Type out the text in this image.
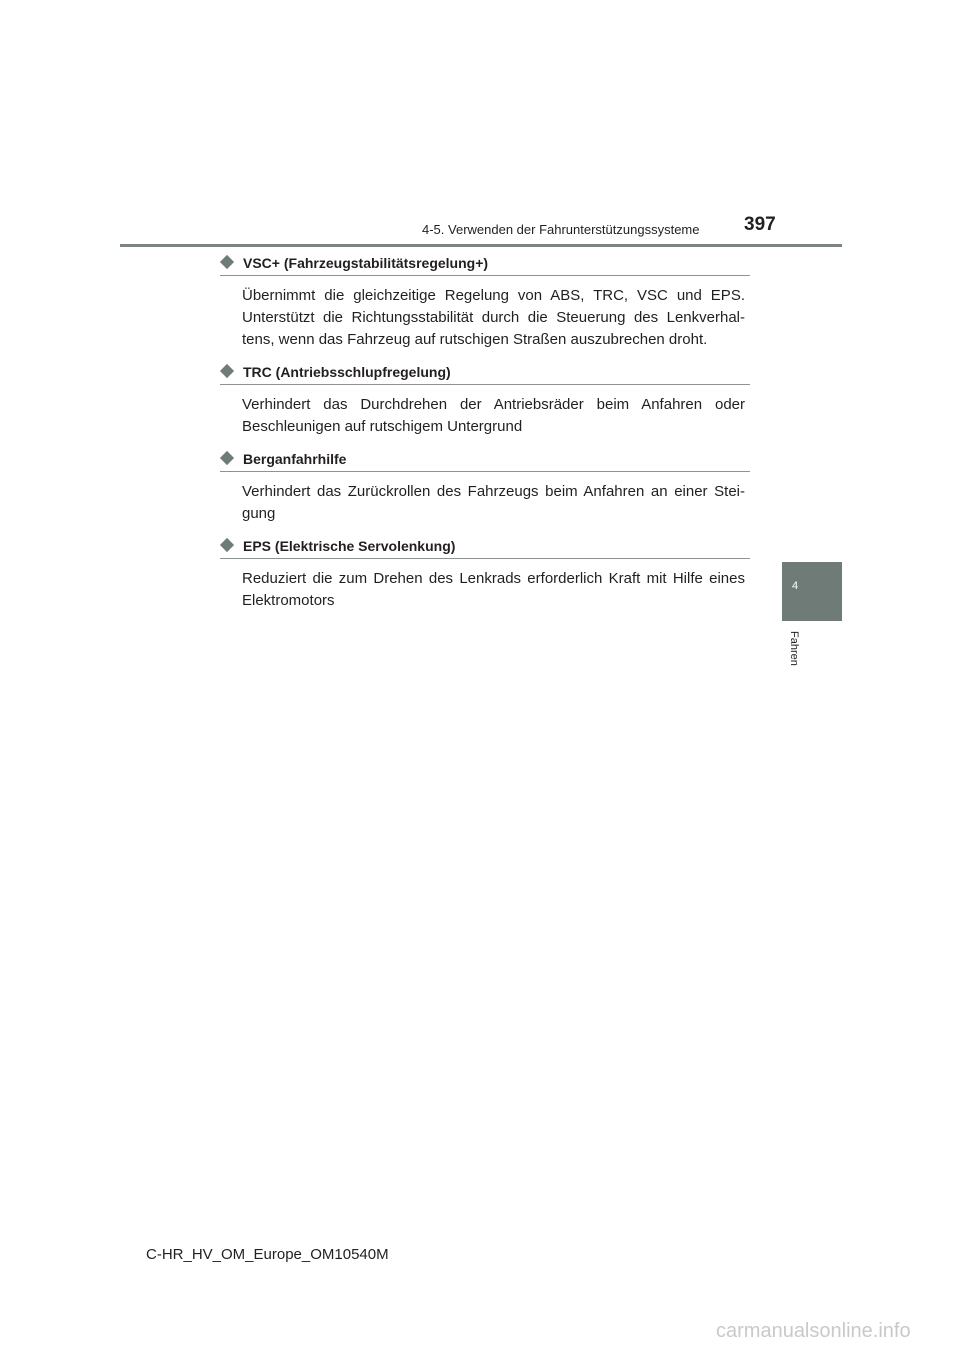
4-5. Verwenden der Fahrunterstützungssysteme 397
4
Fahren
VSC+ (Fahrzeugstabilitätsregelung+)

Übernimmt die gleichzeitige Regelung von ABS, TRC, VSC und EPS. Unterstützt die Richtungsstabilität durch die Steuerung des Lenkverhal-tens, wenn das Fahrzeug auf rutschigen Straßen auszubrechen droht.

TRC (Antriebsschlupfregelung)

Verhindert das Durchdrehen der Antriebsräder beim Anfahren oder Beschleunigen auf rutschigem Untergrund

Berganfahrhilfe

Verhindert das Zurückrollen des Fahrzeugs beim Anfahren an einer Stei-gung

EPS (Elektrische Servolenkung)

Reduziert die zum Drehen des Lenkrads erforderlich Kraft mit Hilfe eines Elektromotors

C-HR_HV_OM_Europe_OM10540M
carmanualsonline.info
